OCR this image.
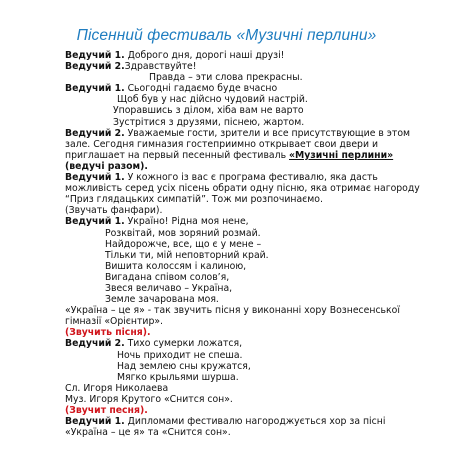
Пісенний фестиваль «Музичні перлини»
Ведучий 1. Доброго дня, дорогі наші друзі!
Ведучий 2.Здравствуйте!
Правда – эти слова прекрасны.
Ведучий 1. Сьогодні гадаємо буде вчасно
Щоб був у нас дійсно чудовий настрій.
Упоравшись з ділом, хіба вам не варто
Зустрітися з друзями, піснею, жартом.
Ведучий 2. Уважаемые гости, зрители и все присутствующие в этом зале. Сегодня гимназия гостеприимно открывает свои двери и приглашает на первый песенный фестиваль «Музичні перлини» (ведучі разом).
Ведучий 1. У кожного із вас є програма фестивалю, яка дасть можливість серед усіх пісень обрати одну пісню, яка отримає нагороду “Приз глядацьких симпатій”. Тож ми розпочинаємо.
(Звучать фанфари).
Ведучий 1. Україно! Рідна моя нене,
Розквітай, мов зоряний розмай.
Найдорожче, все, що є у мене –
Тільки ти, мій неповторний край.
Вишита колоссям і калиною,
Вигадана співом солов’я,
Звеся величаво – Україна,
Земле зачарована моя.
«Україна – це я» - так звучить пісня у виконанні хору Вознесенської гімназії «Орієнтир».
(Звучить пісня).
Ведучий 2. Тихо сумерки ложатся,
Ночь приходит не спеша.
Над землею сны кружатся,
Мягко крыльями шурша.
Сл. Игоря Николаева
Муз. Игоря Крутого «Снится сон».
(Звучит песня).
Ведучий 1. Дипломами фестивалю нагороджується хор за пісні «Україна – це я» та «Снится сон».
